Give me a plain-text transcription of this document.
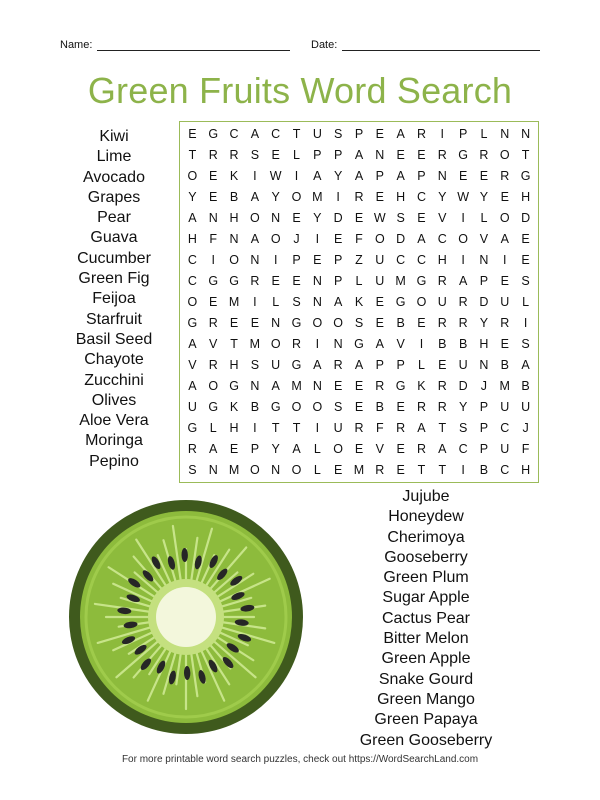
Name:	Date:
Green Fruits Word Search
Kiwi
Lime
Avocado
Grapes
Pear
Guava
Cucumber
Green Fig
Feijoa
Starfruit
Basil Seed
Chayote
Zucchini
Olives
Aloe Vera
Moringa
Pepino
E G C A C	T U S P E A R	I	P	L	N N
T R R S E	L	P P A N E E R G R O T
O E K	I	W	I	A Y A P A P N E E R G
Y E B A Y O M	I	R E H C Y W Y E H
A N H O N E Y D E W S E V	I	L O D
H F N A O	J	I	E	F O D A C O V A E
C	I	O N	I	P E P	Z U C C H	I	N	I	E
C G G R E E N P	L	U M G R A P E S
O E M	I	L	S N A K E G O U R D U	L
G R E E N G O O S E B E R R Y R	I
A V	T M O R	I	N G A V	I	B B H E S
V R H S U G A R A P P	L	E U N B A
A O G N A M N E E R G K R D	J	M B
U G K B G O O S E B E R R Y P U U
G L	H	I	T	T	I	U R	F R A	T	S P C	J
R A E P Y A	L O E V E R A C P U	F
S N M O N O L	E M R E	T	T	I	B C H
Jujube
Honeydew
Cherimoya
Gooseberry
Green Plum
Sugar Apple
Cactus Pear
Bitter Melon
Green Apple
Snake Gourd
Green Mango
Green Papaya
Green Gooseberry
For more printable word search puzzles, check out https://WordSearchLand.com
